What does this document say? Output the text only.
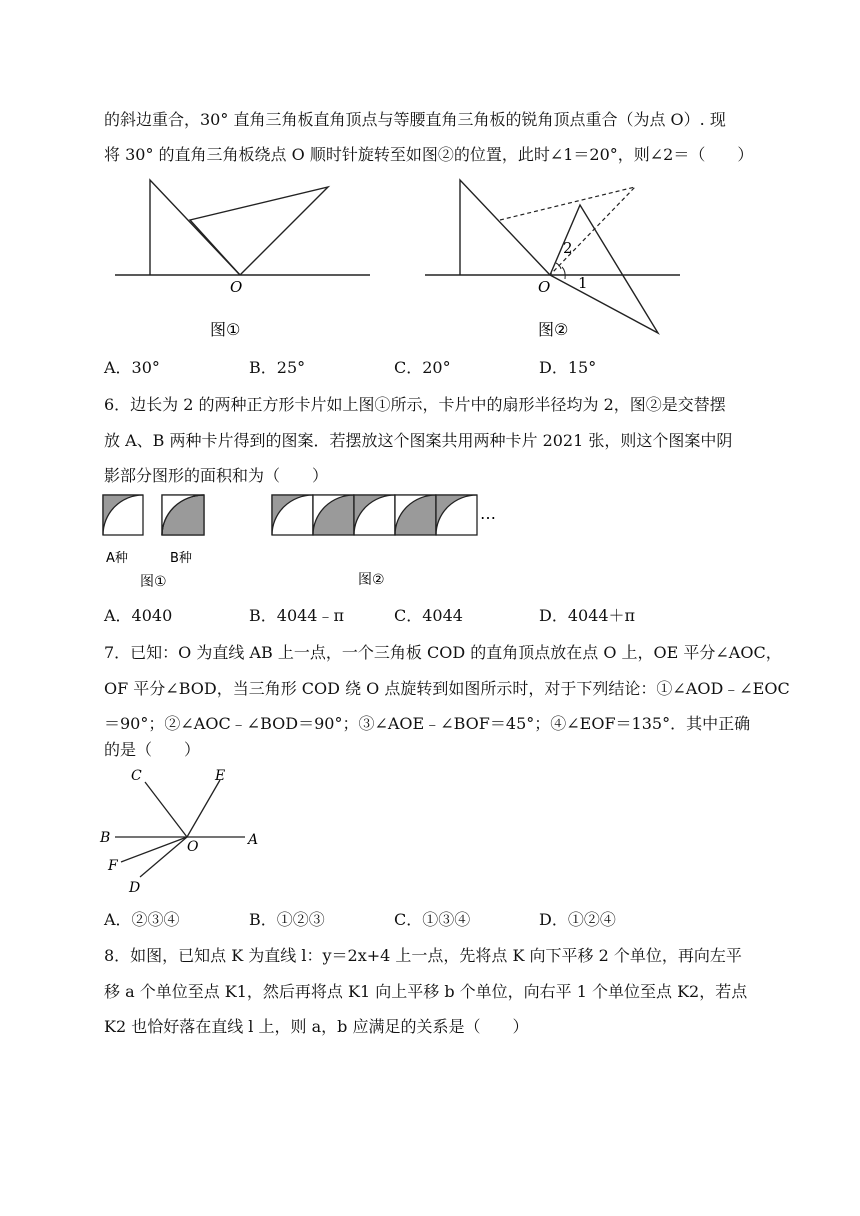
的斜边重合，30° 直角三角板直角顶点与等腰直角三角板的锐角顶点重合（为点 O）. 现
将 30° 的直角三角板绕点 O 顺时针旋转至如图②的位置，此时∠1＝20°，则∠2＝（　　）
O
图①
2
1
O
图②
A．30°	B．25°	C．20°	D．15°
6．边长为 2 的两种正方形卡片如上图①所示，卡片中的扇形半径均为 2，图②是交替摆
放 A、B 两种卡片得到的图案．若摆放这个图案共用两种卡片 2021 张，则这个图案中阴
影部分图形的面积和为（　　）
…
A种	B种
图①	图②
A．4040	B．4044﹣π	C．4044	D．4044＋π
7．已知：O 为直线 AB 上一点，一个三角板 COD 的直角顶点放在点 O 上，OE 平分∠AOC，
OF 平分∠BOD，当三角形 COD 绕 O 点旋转到如图所示时，对于下列结论：①∠AOD﹣∠EOC
＝90°；②∠AOC﹣∠BOD＝90°；③∠AOE﹣∠BOF＝45°；④∠EOF＝135°．其中正确
的是（　　）
C	E
B
O	A
F
D
A．②③④	B．①②③	C．①③④	D．①②④
8．如图，已知点 K 为直线 l：y＝2x+4 上一点，先将点 K 向下平移 2 个单位，再向左平
移 a 个单位至点 K1，然后再将点 K1 向上平移 b 个单位，向右平 1 个单位至点 K2，若点
K2 也恰好落在直线 l 上，则 a，b 应满足的关系是（　　）
